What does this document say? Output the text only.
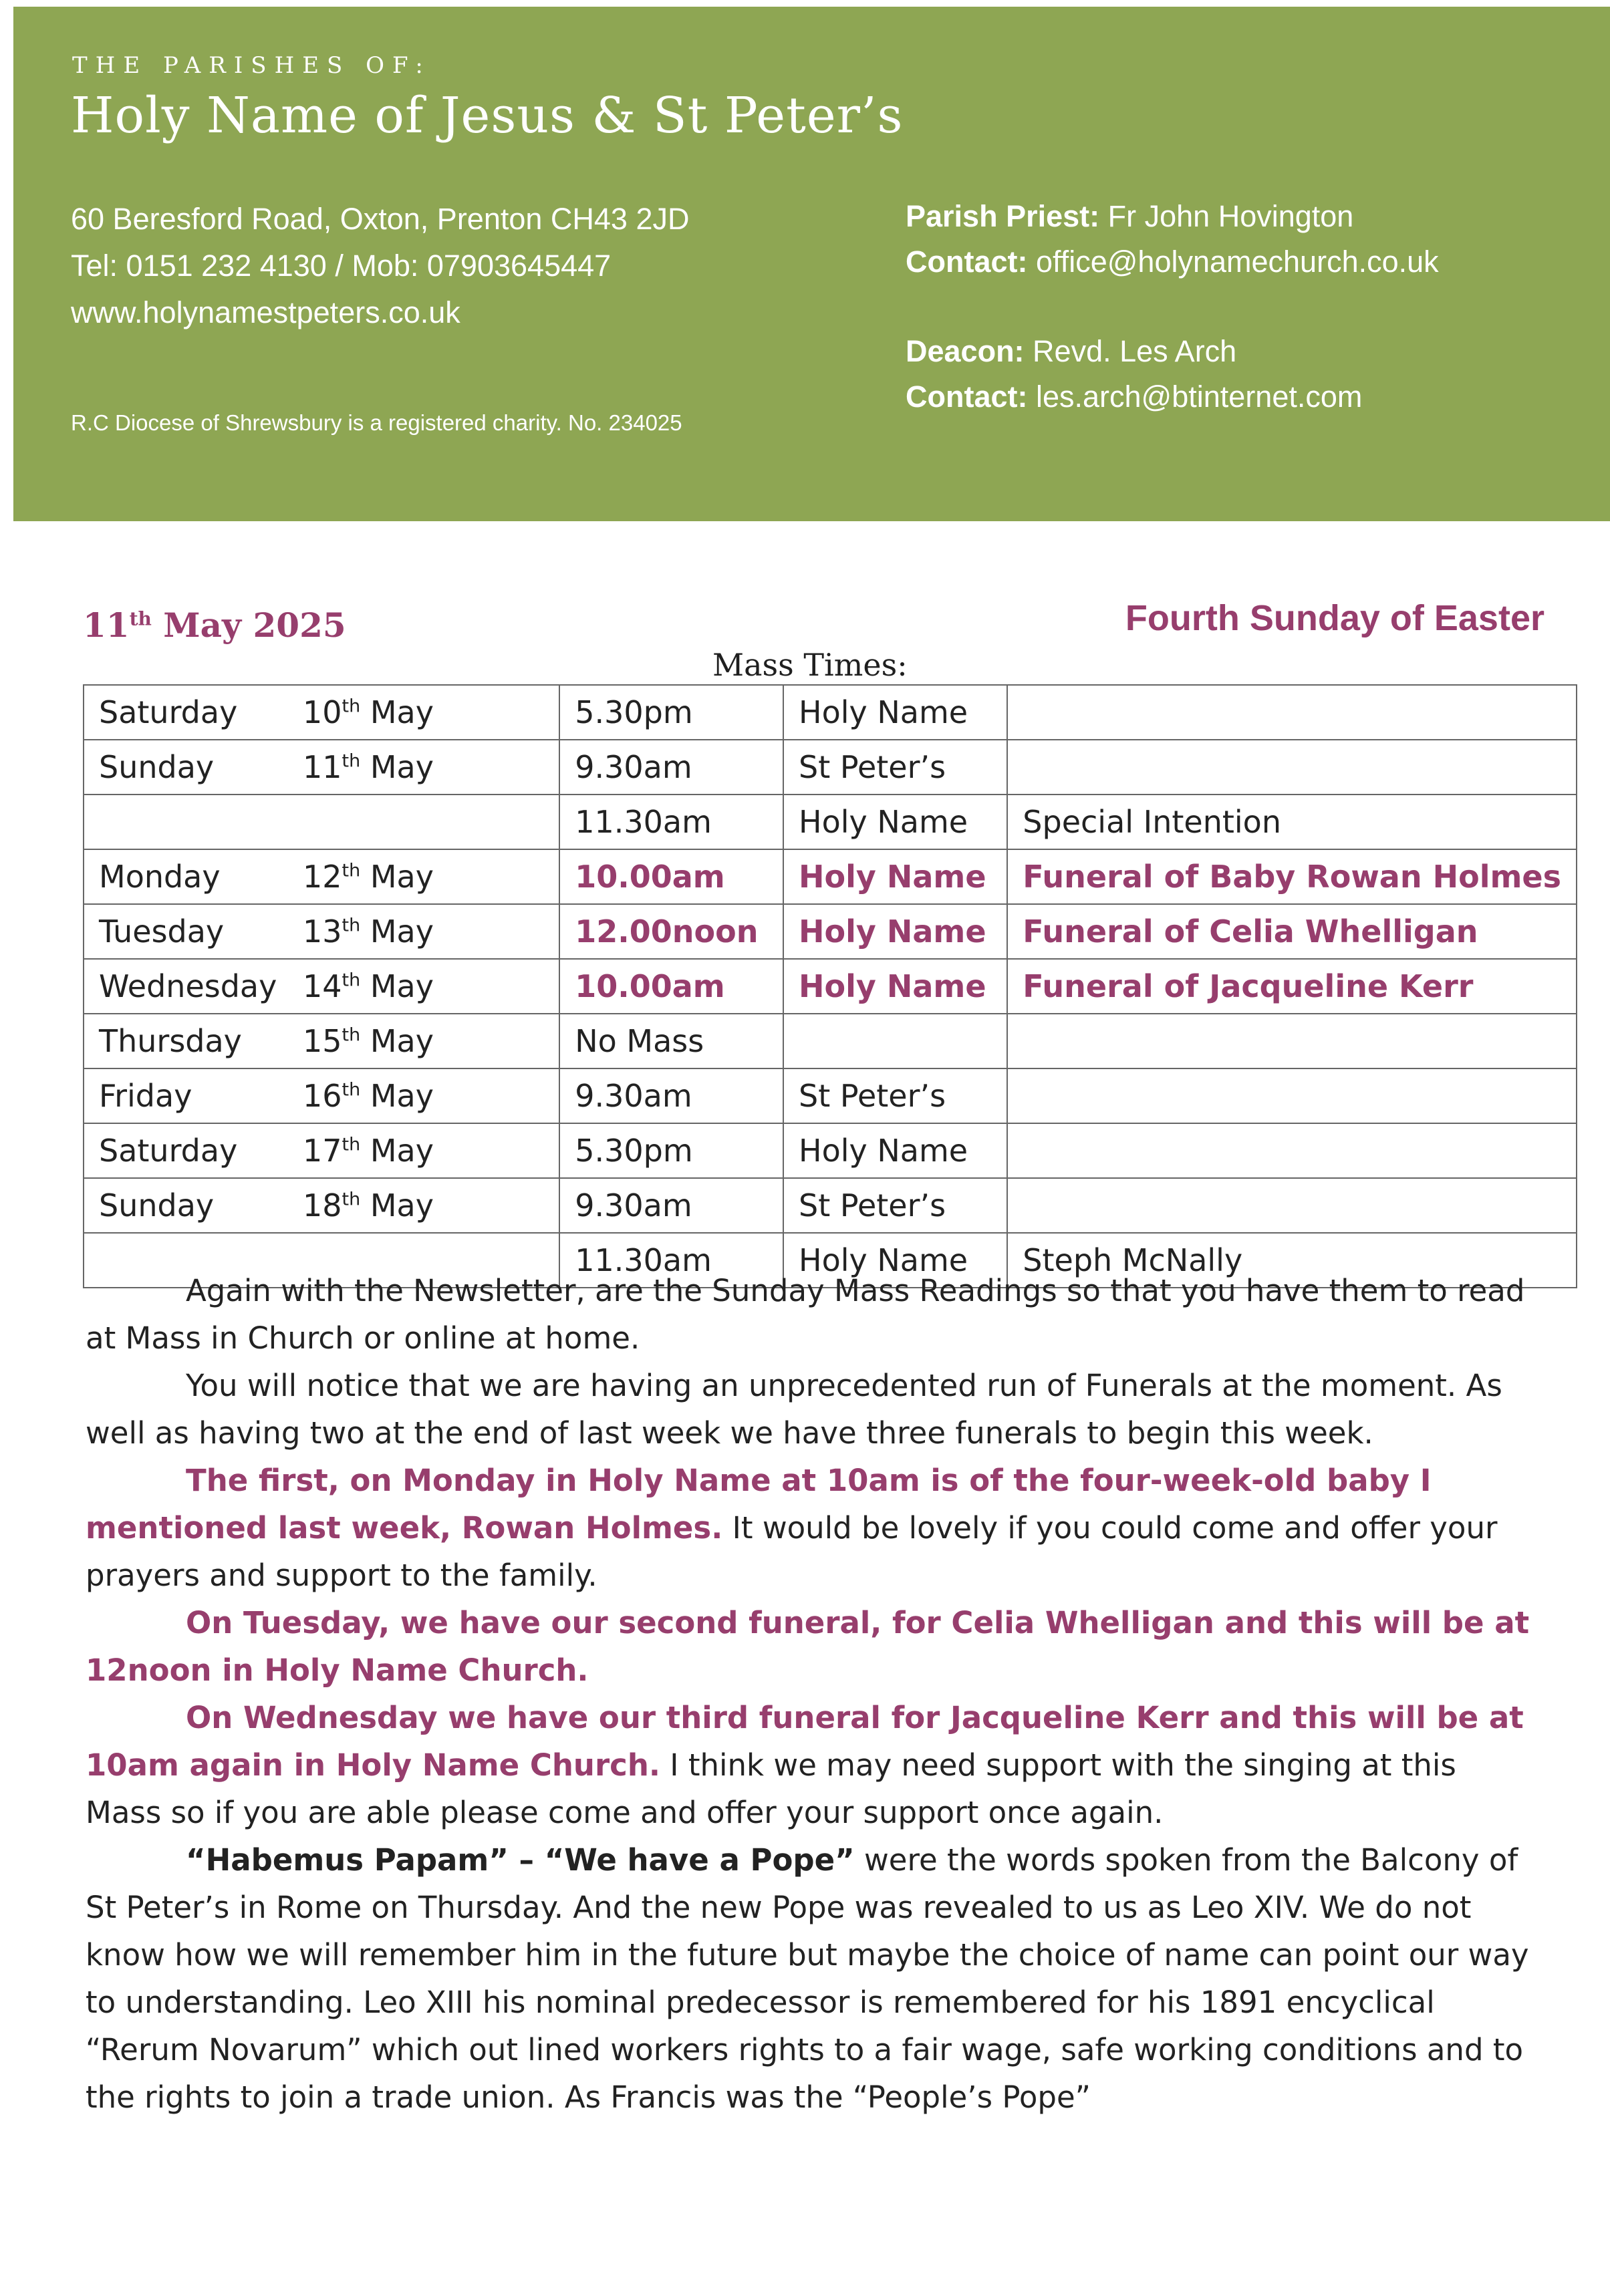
THE PARISHES OF:
Holy Name of Jesus & St Peter’s
60 Beresford Road, Oxton, Prenton CH43 2JD
Tel: 0151 232 4130 / Mob: 07903645447
www.holynamestpeters.co.uk
R.C Diocese of Shrewsbury is a registered charity. No. 234025
Parish Priest: Fr John Hovington
Contact: office@holynamechurch.co.uk
Deacon: Revd. Les Arch
Contact: les.arch@btinternet.com
11th May 2025	Fourth Sunday of Easter
Mass Times:
Saturday 10th May	5.30pm	Holy Name	
Sunday 11th May	9.30am	St Peter’s	
	11.30am	Holy Name	Special Intention
Monday 12th May	10.00am	Holy Name	Funeral of Baby Rowan Holmes
Tuesday 13th May	12.00noon	Holy Name	Funeral of Celia Whelligan
Wednesday 14th May	10.00am	Holy Name	Funeral of Jacqueline Kerr
Thursday 15th May	No Mass		
Friday 16th May	9.30am	St Peter’s	
Saturday 17th May	5.30pm	Holy Name	
Sunday 18th May	9.30am	St Peter’s	
	11.30am	Holy Name	Steph McNally

Again with the Newsletter, are the Sunday Mass Readings so that you have them to read at Mass in Church or online at home.

You will notice that we are having an unprecedented run of Funerals at the moment. As well as having two at the end of last week we have three funerals to begin this week.

The first, on Monday in Holy Name at 10am is of the four-week-old baby I mentioned last week, Rowan Holmes. It would be lovely if you could come and offer your prayers and support to the family.

On Tuesday, we have our second funeral, for Celia Whelligan and this will be at 12noon in Holy Name Church.

On Wednesday we have our third funeral for Jacqueline Kerr and this will be at 10am again in Holy Name Church. I think we may need support with the singing at this Mass so if you are able please come and offer your support once again.

“Habemus Papam” – “We have a Pope” were the words spoken from the Balcony of St Peter’s in Rome on Thursday. And the new Pope was revealed to us as Leo XIV. We do not know how we will remember him in the future but maybe the choice of name can point our way to understanding. Leo XIII his nominal predecessor is remembered for his 1891 encyclical “Rerum Novarum” which out lined workers rights to a fair wage, safe working conditions and to the rights to join a trade union. As Francis was the “People’s Pope”
